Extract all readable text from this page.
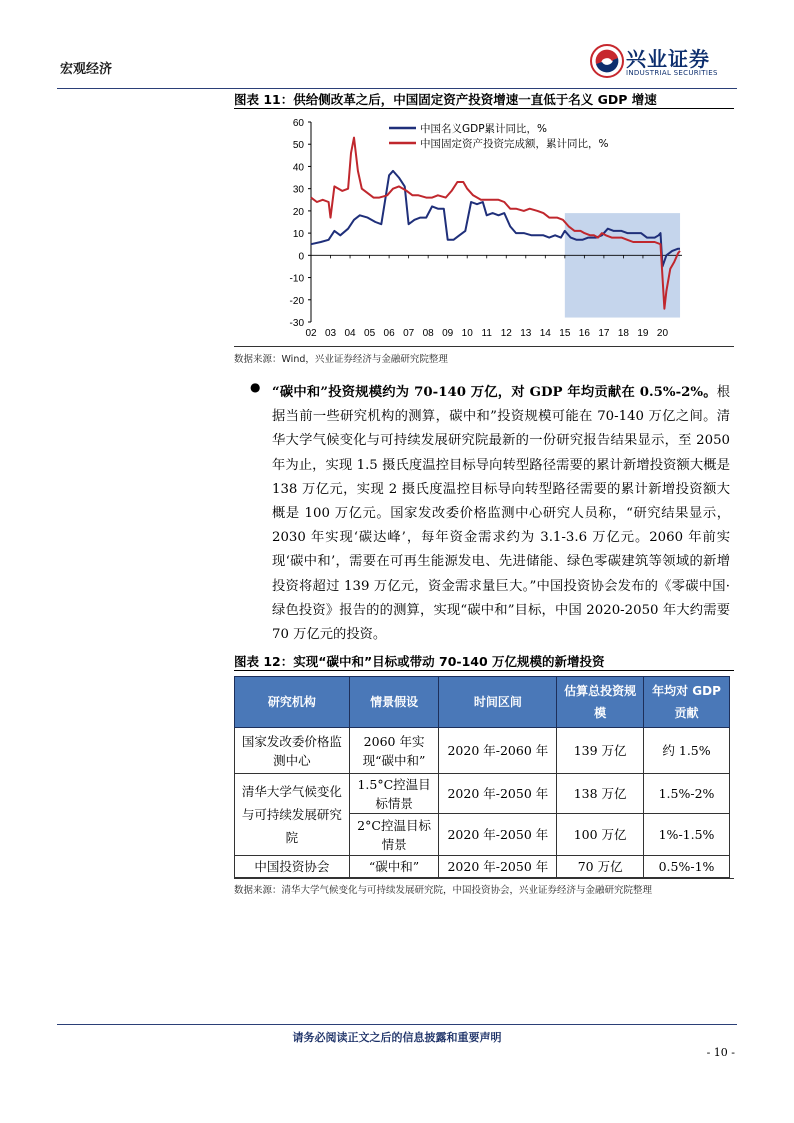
宏观经济	兴业证券
INDUSTRIAL SECURITIES
图表 11：供给侧改革之后，中国固定资产投资增速一直低于名义 GDP 增速
60
50
40
30
20
10
0
-10
-20
-30
02 03 04 05 06 07 08 09 10 11 12 13 14 15 16 17 18 19 20
中国名义GDP累计同比，%
中国固定资产投资完成额，累计同比，%
数据来源：Wind，兴业证券经济与金融研究院整理
● “碳中和”投资规模约为 70-140 万亿，对 GDP 年均贡献在 0.5%-2%。根据当前一些研究机构的测算，碳中和”投资规模可能在 70-140 万亿之间。清华大学气候变化与可持续发展研究院最新的一份研究报告结果显示，至 2050 年为止，实现 1.5 摄氏度温控目标导向转型路径需要的累计新增投资额大概是 138 万亿元，实现 2 摄氏度温控目标导向转型路径需要的累计新增投资额大概是 100 万亿元。国家发改委价格监测中心研究人员称，“研究结果显示，2030 年实现‘碳达峰’，每年资金需求约为 3.1-3.6 万亿元。2060 年前实现‘碳中和’，需要在可再生能源发电、先进储能、绿色零碳建筑等领域的新增投资将超过 139 万亿元，资金需求量巨大。”中国投资协会发布的《零碳中国·绿色投资》报告的的测算，实现“碳中和”目标，中国 2020-2050 年大约需要 70 万亿元的投资。
图表 12：实现“碳中和”目标或带动 70-140 万亿规模的新增投资
研究机构	情景假设	时间区间	估算总投资规模	年均对 GDP 贡献
国家发改委价格监测中心	2060 年实现“碳中和”	2020 年-2060 年	139 万亿	约 1.5%
清华大学气候变化与可持续发展研究院	1.5°C控温目标情景	2020 年-2050 年	138 万亿	1.5%-2%
	2°C控温目标情景	2020 年-2050 年	100 万亿	1%-1.5%
中国投资协会	“碳中和”	2020 年-2050 年	70 万亿	0.5%-1%
数据来源：清华大学气候变化与可持续发展研究院，中国投资协会，兴业证券经济与金融研究院整理
请务必阅读正文之后的信息披露和重要声明
- 10 -
